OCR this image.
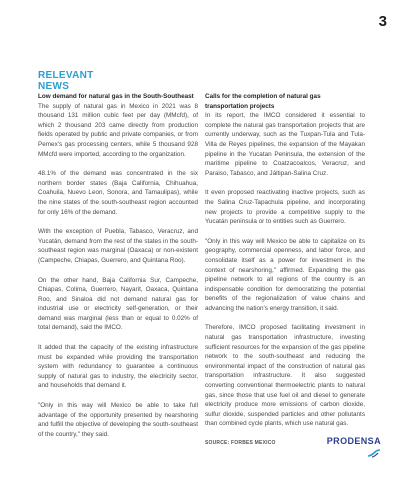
3
RELEVANT
NEWS
Low demand for natural gas in the South-Southeast

The supply of natural gas in Mexico in 2021 was 8 thousand 131 million cubic feet per day (MMcfd), of which 2 thousand 203 came directly from production fields operated by public and private companies, or from Pemex's gas processing centers, while 5 thousand 928 MMcfd were imported, according to the organization.

48.1% of the demand was concentrated in the six northern border states (Baja California, Chihuahua, Coahuila, Nuevo Leon, Sonora, and Tamaulipas), while the nine states of the south-southeast region accounted for only 16% of the demand.

With the exception of Puebla, Tabasco, Veracruz, and Yucatán, demand from the rest of the states in the south-southeast region was marginal (Oaxaca) or non-existent (Campeche, Chiapas, Guerrero, and Quintana Roo).

On the other hand, Baja California Sur, Campeche, Chiapas, Colima, Guerrero, Nayarit, Oaxaca, Quintana Roo, and Sinaloa did not demand natural gas for industrial use or electricity self-generation, or their demand was marginal (less than or equal to 0.02% of total demand), said the IMCO.

It added that the capacity of the existing infrastructure must be expanded while providing the transportation system with redundancy to guarantee a continuous supply of natural gas to industry, the electricity sector, and households that demand it.

"Only in this way will Mexico be able to take full advantage of the opportunity presented by nearshoring and fulfill the objective of developing the south-southeast of the country," they said.

Calls for the completion of natural gas transportation projects

In its report, the IMCO considered it essential to complete the natural gas transportation projects that are currently underway, such as the Tuxpan-Tula and Tula-Villa de Reyes pipelines, the expansion of the Mayakan pipeline in the Yucatan Peninsula, the extension of the maritime pipeline to Coatzacoalcos, Veracruz, and Paraiso, Tabasco, and Jáltipan-Salina Cruz.

It even proposed reactivating inactive projects, such as the Salina Cruz-Tapachula pipeline, and incorporating new projects to provide a competitive supply to the Yucatán peninsula or to entities such as Guerrero.

"Only in this way will Mexico be able to capitalize on its geography, commercial openness, and labor force, and consolidate itself as a power for investment in the context of nearshoring," affirmed. Expanding the gas pipeline network to all regions of the country is an indispensable condition for democratizing the potential benefits of the regionalization of value chains and advancing the nation's energy transition, it said.

Therefore, IMCO proposed facilitating investment in natural gas transportation infrastructure, investing sufficient resources for the expansion of the gas pipeline network to the south-southeast and reducing the environmental impact of the construction of natural gas transportation infrastructure. It also suggested converting conventional thermoelectric plants to natural gas, since those that use fuel oil and diesel to generate electricity produce more emissions of carbon dioxide, sulfur dioxide, suspended particles and other pollutants than combined cycle plants, which use natural gas.

SOURCE: FORBES MEXICO	PRODENSA
